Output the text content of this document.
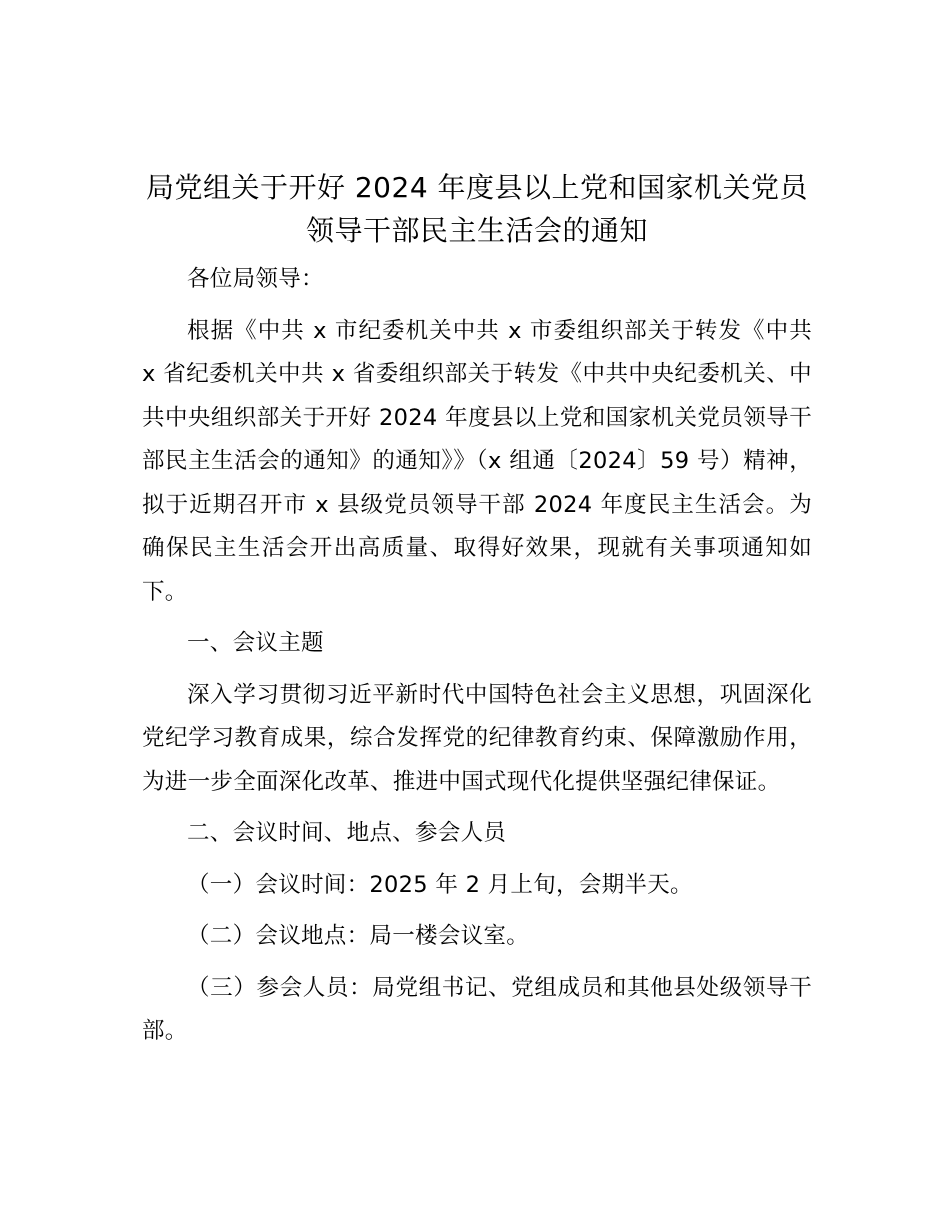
局党组关于开好 2024 年度县以上党和国家机关党员领导干部民主生活会的通知

各位局领导：

根据《中共 x 市纪委机关中共 x 市委组织部关于转发《中共 x 省纪委机关中共 x 省委组织部关于转发《中共中央纪委机关、中共中央组织部关于开好 2024 年度县以上党和国家机关党员领导干部民主生活会的通知》的通知》》（x 组通〔2024〕59 号）精神，拟于近期召开市 x 县级党员领导干部 2024 年度民主生活会。为确保民主生活会开出高质量、取得好效果，现就有关事项通知如下。

一、会议主题

深入学习贯彻习近平新时代中国特色社会主义思想，巩固深化党纪学习教育成果，综合发挥党的纪律教育约束、保障激励作用，为进一步全面深化改革、推进中国式现代化提供坚强纪律保证。

二、会议时间、地点、参会人员

（一）会议时间：2025 年 2 月上旬，会期半天。

（二）会议地点：局一楼会议室。

（三）参会人员：局党组书记、党组成员和其他县处级领导干部。
